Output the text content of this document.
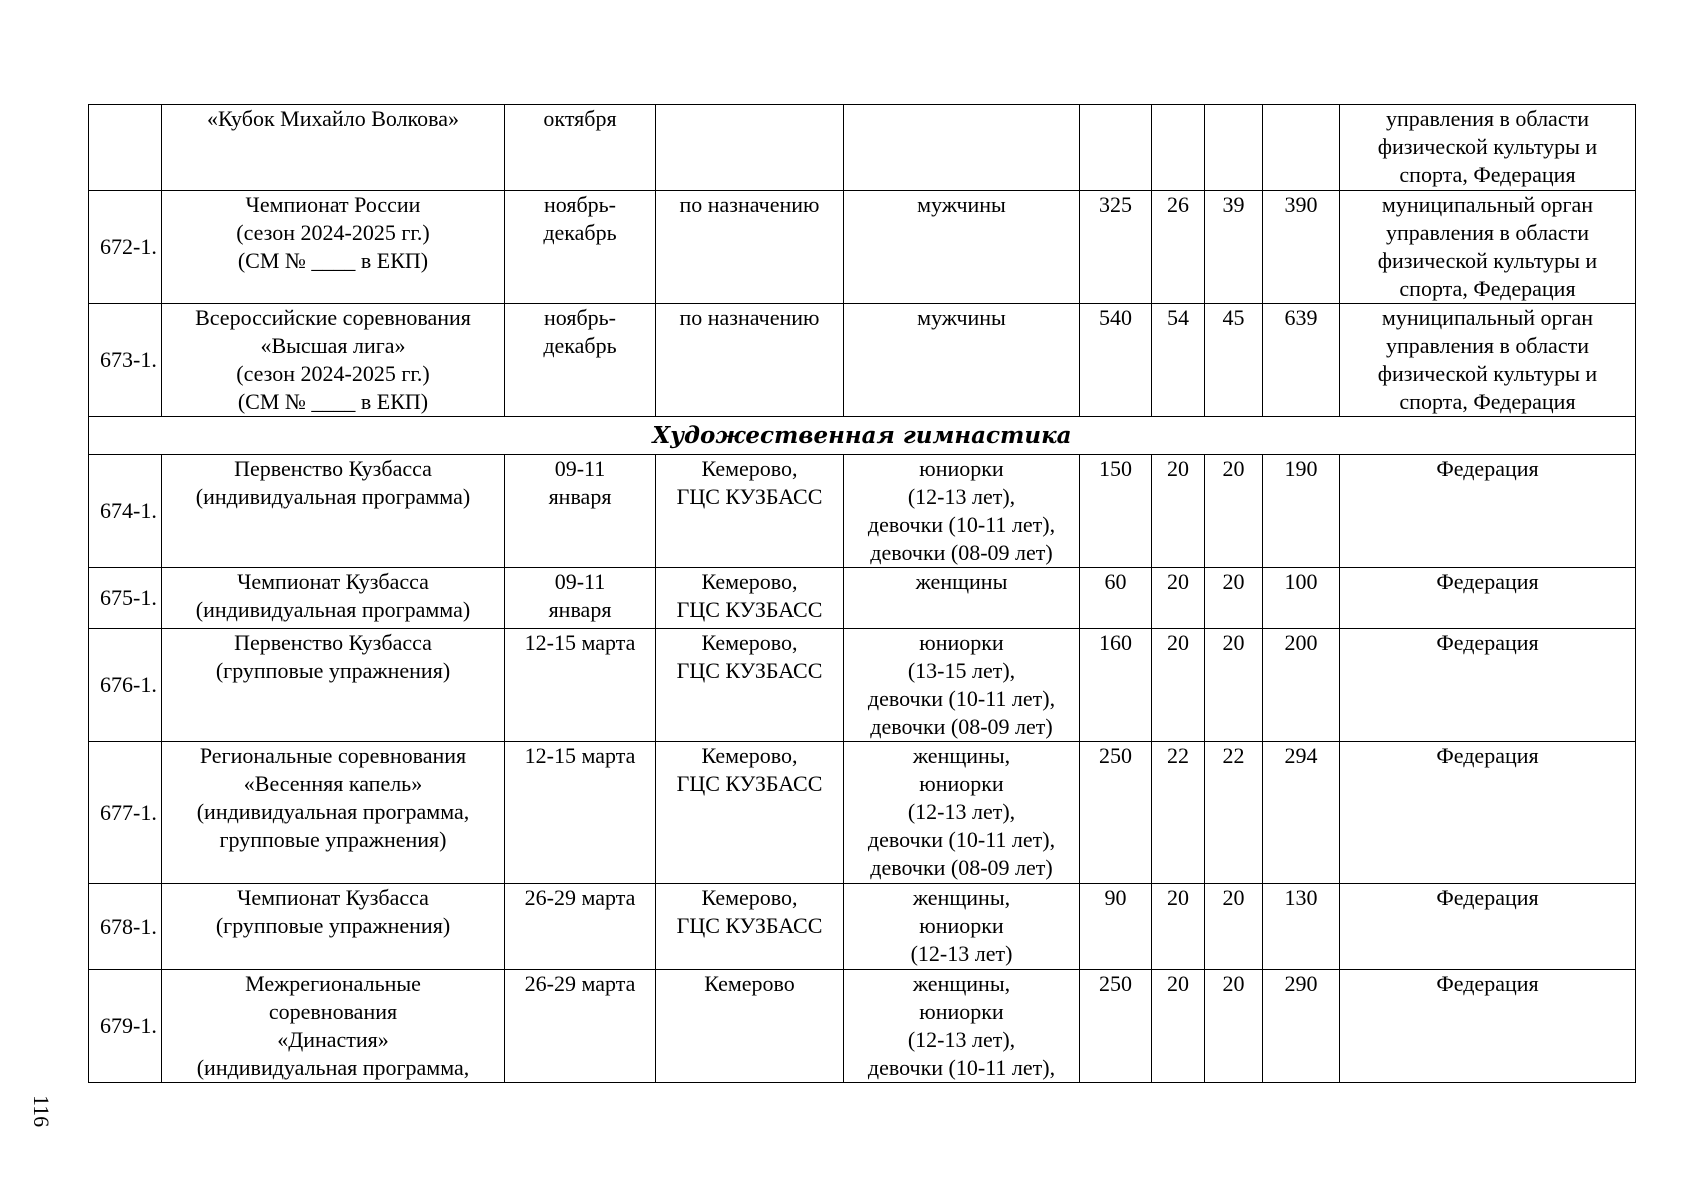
	«Кубок Михайло Волкова»	октября							управления в области
физической культуры и
спорта, Федерация
672-1.	Чемпионат России
(сезон 2024-2025 гг.)
(СМ № ____ в ЕКП)	ноябрь-
декабрь	по назначению	мужчины	325	26	39	390	муниципальный орган
управления в области
физической культуры и
спорта, Федерация
673-1.	Всероссийские соревнования
«Высшая лига»
(сезон 2024-2025 гг.)
(СМ № ____ в ЕКП)	ноябрь-
декабрь	по назначению	мужчины	540	54	45	639	муниципальный орган
управления в области
физической культуры и
спорта, Федерация
Художественная гимнастика									
674-1.	Первенство Кузбасса
(индивидуальная программа)	09-11
января	Кемерово,
ГЦС КУЗБАСС	юниорки
(12-13 лет),
девочки (10-11 лет),
девочки (08-09 лет)	150	20	20	190	Федерация
675-1.	Чемпионат Кузбасса
(индивидуальная программа)	09-11
января	Кемерово,
ГЦС КУЗБАСС	женщины	60	20	20	100	Федерация
676-1.	Первенство Кузбасса
(групповые упражнения)	12-15 марта	Кемерово,
ГЦС КУЗБАСС	юниорки
(13-15 лет),
девочки (10-11 лет),
девочки (08-09 лет)	160	20	20	200	Федерация
677-1.	Региональные соревнования
«Весенняя капель»
(индивидуальная программа,
групповые упражнения)	12-15 марта	Кемерово,
ГЦС КУЗБАСС	женщины,
юниорки
(12-13 лет),
девочки (10-11 лет),
девочки (08-09 лет)	250	22	22	294	Федерация
678-1.	Чемпионат Кузбасса
(групповые упражнения)	26-29 марта	Кемерово,
ГЦС КУЗБАСС	женщины,
юниорки
(12-13 лет)	90	20	20	130	Федерация
679-1.	Межрегиональные
соревнования
«Династия»
(индивидуальная программа,	26-29 марта	Кемерово	женщины,
юниорки
(12-13 лет),
девочки (10-11 лет),	250	20	20	290	Федерация
116
